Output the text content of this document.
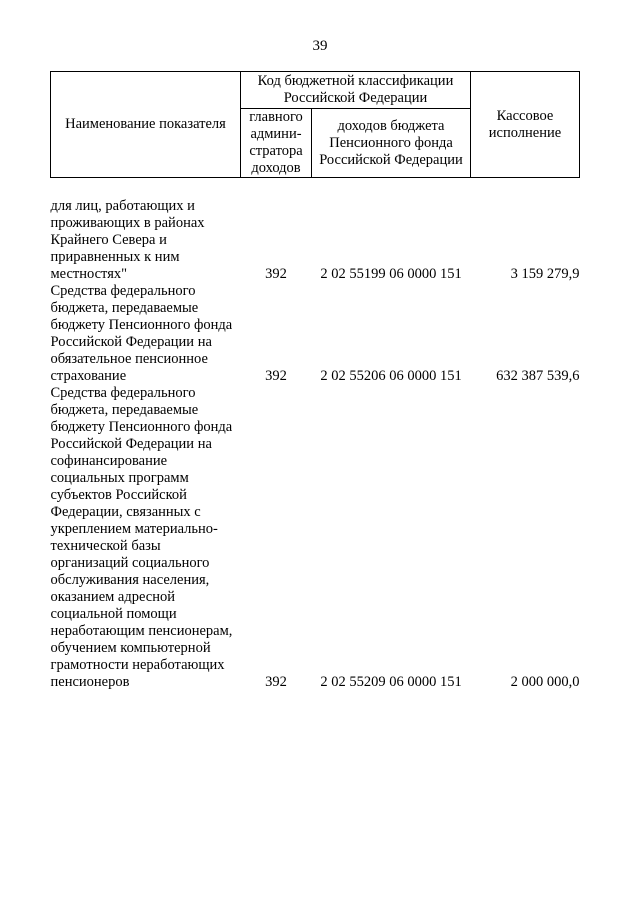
39
Наименование показателя	Код бюджетной классификации Российской Федерации		Кассовое исполнение
	главного админи-стратора доходов	доходов бюджета Пенсионного фонда Российской Федерации	

для лиц, работающих и проживающих в районах Крайнего Севера и приравненных к ним местностях"	392	2 02 55199 06 0000 151	3 159 279,9
Средства федерального бюджета, передаваемые бюджету Пенсионного фонда Российской Федерации на обязательное пенсионное страхование	392	2 02 55206 06 0000 151	632 387 539,6
Средства федерального бюджета, передаваемые бюджету Пенсионного фонда Российской Федерации на софинансирование социальных программ субъектов Российской Федерации, связанных с укреплением материально-технической базы организаций социального обслуживания населения, оказанием адресной социальной помощи неработающим пенсионерам, обучением компьютерной грамотности неработающих пенсионеров	392	2 02 55209 06 0000 151	2 000 000,0
